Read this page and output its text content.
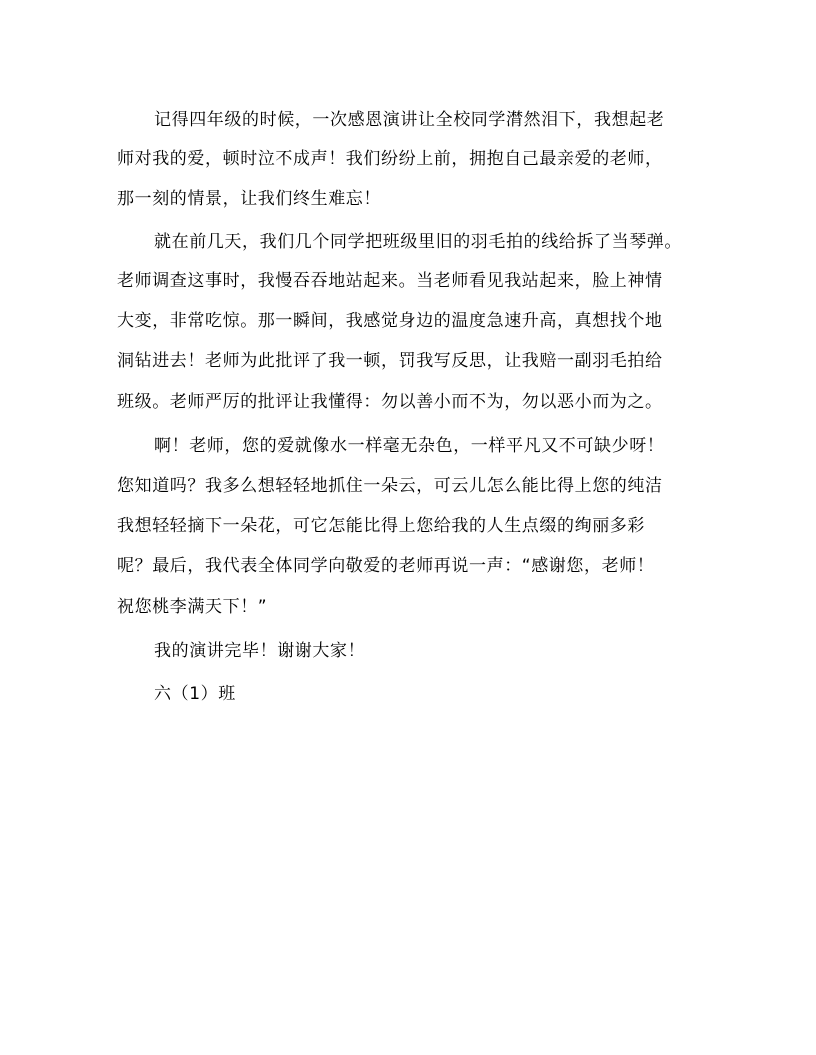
记得四年级的时候，一次感恩演讲让全校同学潸然泪下，我想起老
师对我的爱，顿时泣不成声！我们纷纷上前，拥抱自己最亲爱的老师，
那一刻的情景，让我们终生难忘！
就在前几天，我们几个同学把班级里旧的羽毛拍的线给拆了当琴弹。
老师调查这事时，我慢吞吞地站起来。当老师看见我站起来，脸上神情
大变，非常吃惊。那一瞬间，我感觉身边的温度急速升高，真想找个地
洞钻进去！老师为此批评了我一顿，罚我写反思，让我赔一副羽毛拍给
班级。老师严厉的批评让我懂得：勿以善小而不为，勿以恶小而为之。
啊！老师，您的爱就像水一样毫无杂色，一样平凡又不可缺少呀！
您知道吗？我多么想轻轻地抓住一朵云，可云儿怎么能比得上您的纯洁
我想轻轻摘下一朵花，可它怎能比得上您给我的人生点缀的绚丽多彩
呢？最后，我代表全体同学向敬爱的老师再说一声：“感谢您，老师！
祝您桃李满天下！”
我的演讲完毕！谢谢大家！
六（1）班
